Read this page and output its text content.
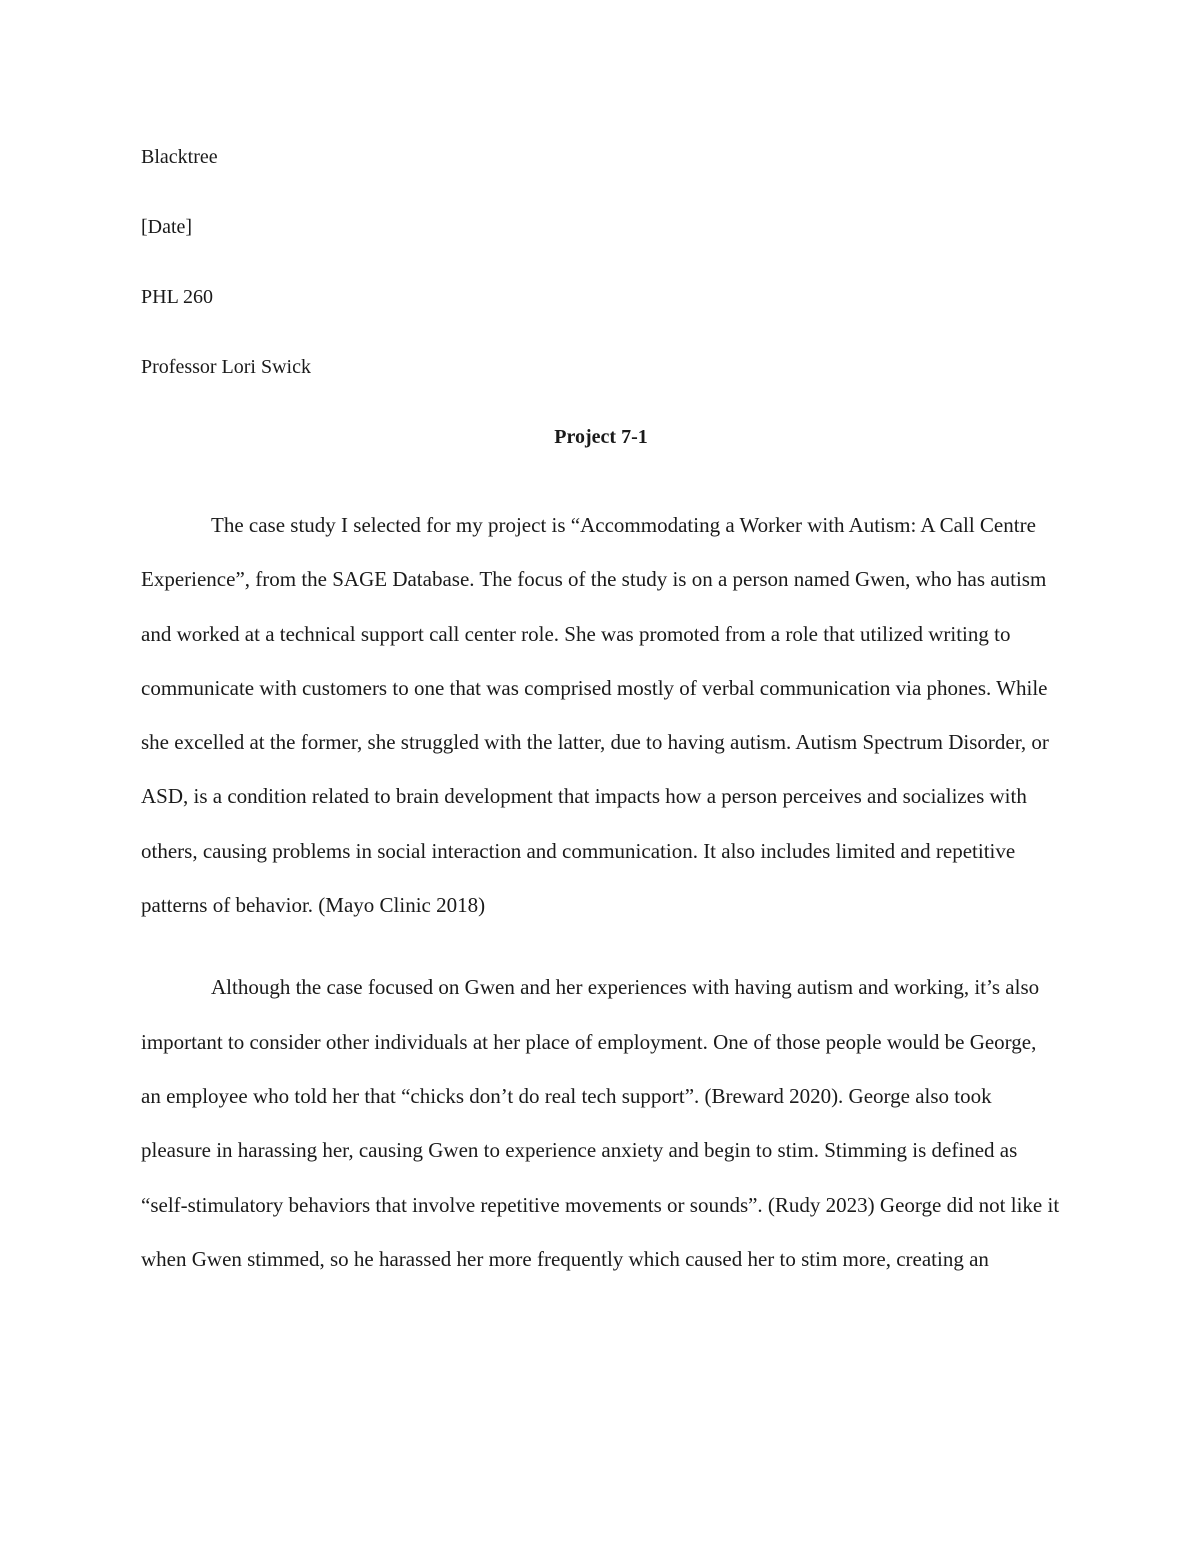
Blacktree
[Date]
PHL 260
Professor Lori Swick
Project 7-1

The case study I selected for my project is “Accommodating a Worker with Autism: A Call Centre Experience”, from the SAGE Database. The focus of the study is on a person named Gwen, who has autism and worked at a technical support call center role. She was promoted from a role that utilized writing to communicate with customers to one that was comprised mostly of verbal communication via phones. While she excelled at the former, she struggled with the latter, due to having autism. Autism Spectrum Disorder, or ASD, is a condition related to brain development that impacts how a person perceives and socializes with others, causing problems in social interaction and communication. It also includes limited and repetitive patterns of behavior. (Mayo Clinic 2018)

Although the case focused on Gwen and her experiences with having autism and working, it’s also important to consider other individuals at her place of employment. One of those people would be George, an employee who told her that “chicks don’t do real tech support”. (Breward 2020). George also took pleasure in harassing her, causing Gwen to experience anxiety and begin to stim. Stimming is defined as “self-stimulatory behaviors that involve repetitive movements or sounds”. (Rudy 2023) George did not like it when Gwen stimmed, so he harassed her more frequently which caused her to stim more, creating an
